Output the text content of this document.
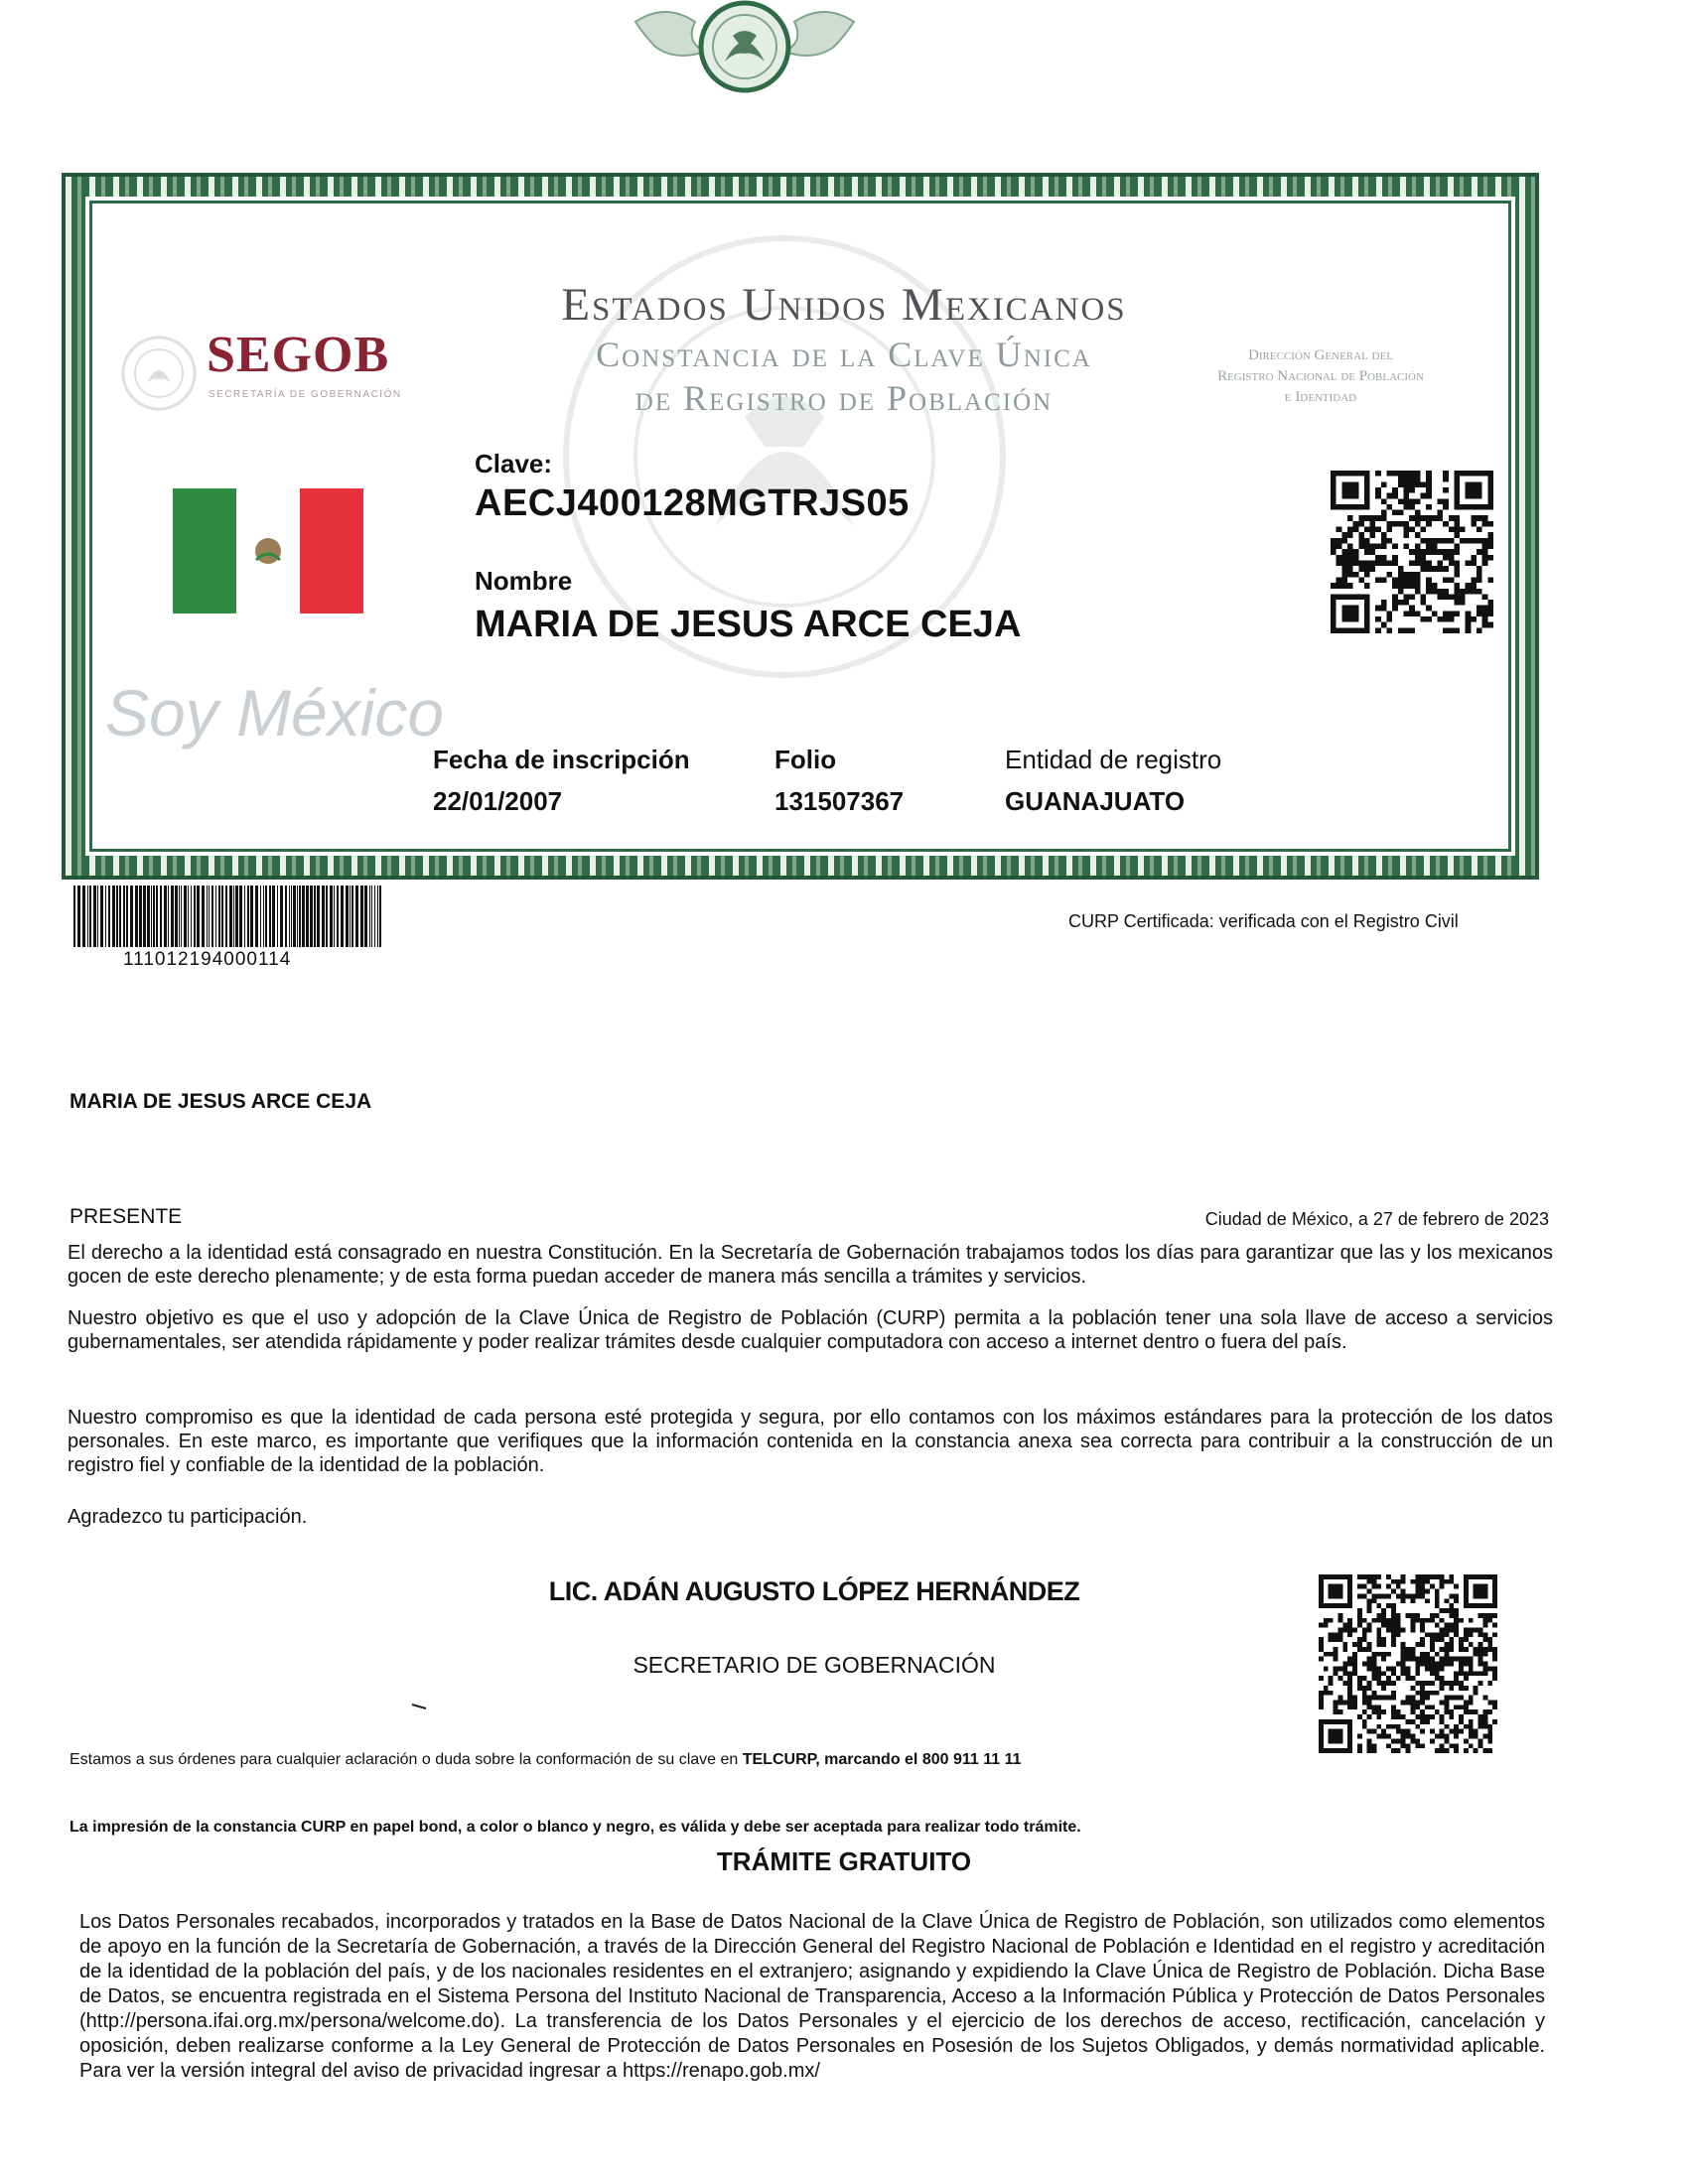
Estados Unidos Mexicanos
Constancia de la Clave Única
de Registro de Población
SEGOB
SECRETARÍA DE GOBERNACIÓN
Dirección General del
Registro Nacional de Población
e Identidad
Soy México
Clave:
AECJ400128MGTRJS05
Nombre
MARIA DE JESUS ARCE CEJA
Fecha de inscripción
22/01/2007
Folio
131507367
Entidad de registro
GUANAJUATO
111012194000114
CURP Certificada: verificada con el Registro Civil
MARIA DE JESUS ARCE CEJA
PRESENTE	Ciudad de México, a 27 de febrero de 2023
El derecho a la identidad está consagrado en nuestra Constitución. En la Secretaría de Gobernación trabajamos todos los días para garantizar que las y los mexicanos gocen de este derecho plenamente; y de esta forma puedan acceder de manera más sencilla a trámites y servicios.
Nuestro objetivo es que el uso y adopción de la Clave Única de Registro de Población (CURP) permita a la población tener una sola llave de acceso a servicios gubernamentales, ser atendida rápidamente y poder realizar trámites desde cualquier computadora con acceso a internet dentro o fuera del país.
Nuestro compromiso es que la identidad de cada persona esté protegida y segura, por ello contamos con los máximos estándares para la protección de los datos personales. En este marco, es importante que verifiques que la información contenida en la constancia anexa sea correcta para contribuir a la construcción de un registro fiel y confiable de la identidad de la población.
Agradezco tu participación.
LIC. ADÁN AUGUSTO LÓPEZ HERNÁNDEZ
SECRETARIO DE GOBERNACIÓN
Estamos a sus órdenes para cualquier aclaración o duda sobre la conformación de su clave en TELCURP, marcando el 800 911 11 11
La impresión de la constancia CURP en papel bond, a color o blanco y negro, es válida y debe ser aceptada para realizar todo trámite.
TRÁMITE GRATUITO
Los Datos Personales recabados, incorporados y tratados en la Base de Datos Nacional de la Clave Única de Registro de Población, son utilizados como elementos de apoyo en la función de la Secretaría de Gobernación, a través de la Dirección General del Registro Nacional de Población e Identidad en el registro y acreditación de la identidad de la población del país, y de los nacionales residentes en el extranjero; asignando y expidiendo la Clave Única de Registro de Población. Dicha Base de Datos, se encuentra registrada en el Sistema Persona del Instituto Nacional de Transparencia, Acceso a la Información Pública y Protección de Datos Personales (http://persona.ifai.org.mx/persona/welcome.do). La transferencia de los Datos Personales y el ejercicio de los derechos de acceso, rectificación, cancelación y oposición, deben realizarse conforme a la Ley General de Protección de Datos Personales en Posesión de los Sujetos Obligados, y demás normatividad aplicable. Para ver la versión integral del aviso de privacidad ingresar a https://renapo.gob.mx/
